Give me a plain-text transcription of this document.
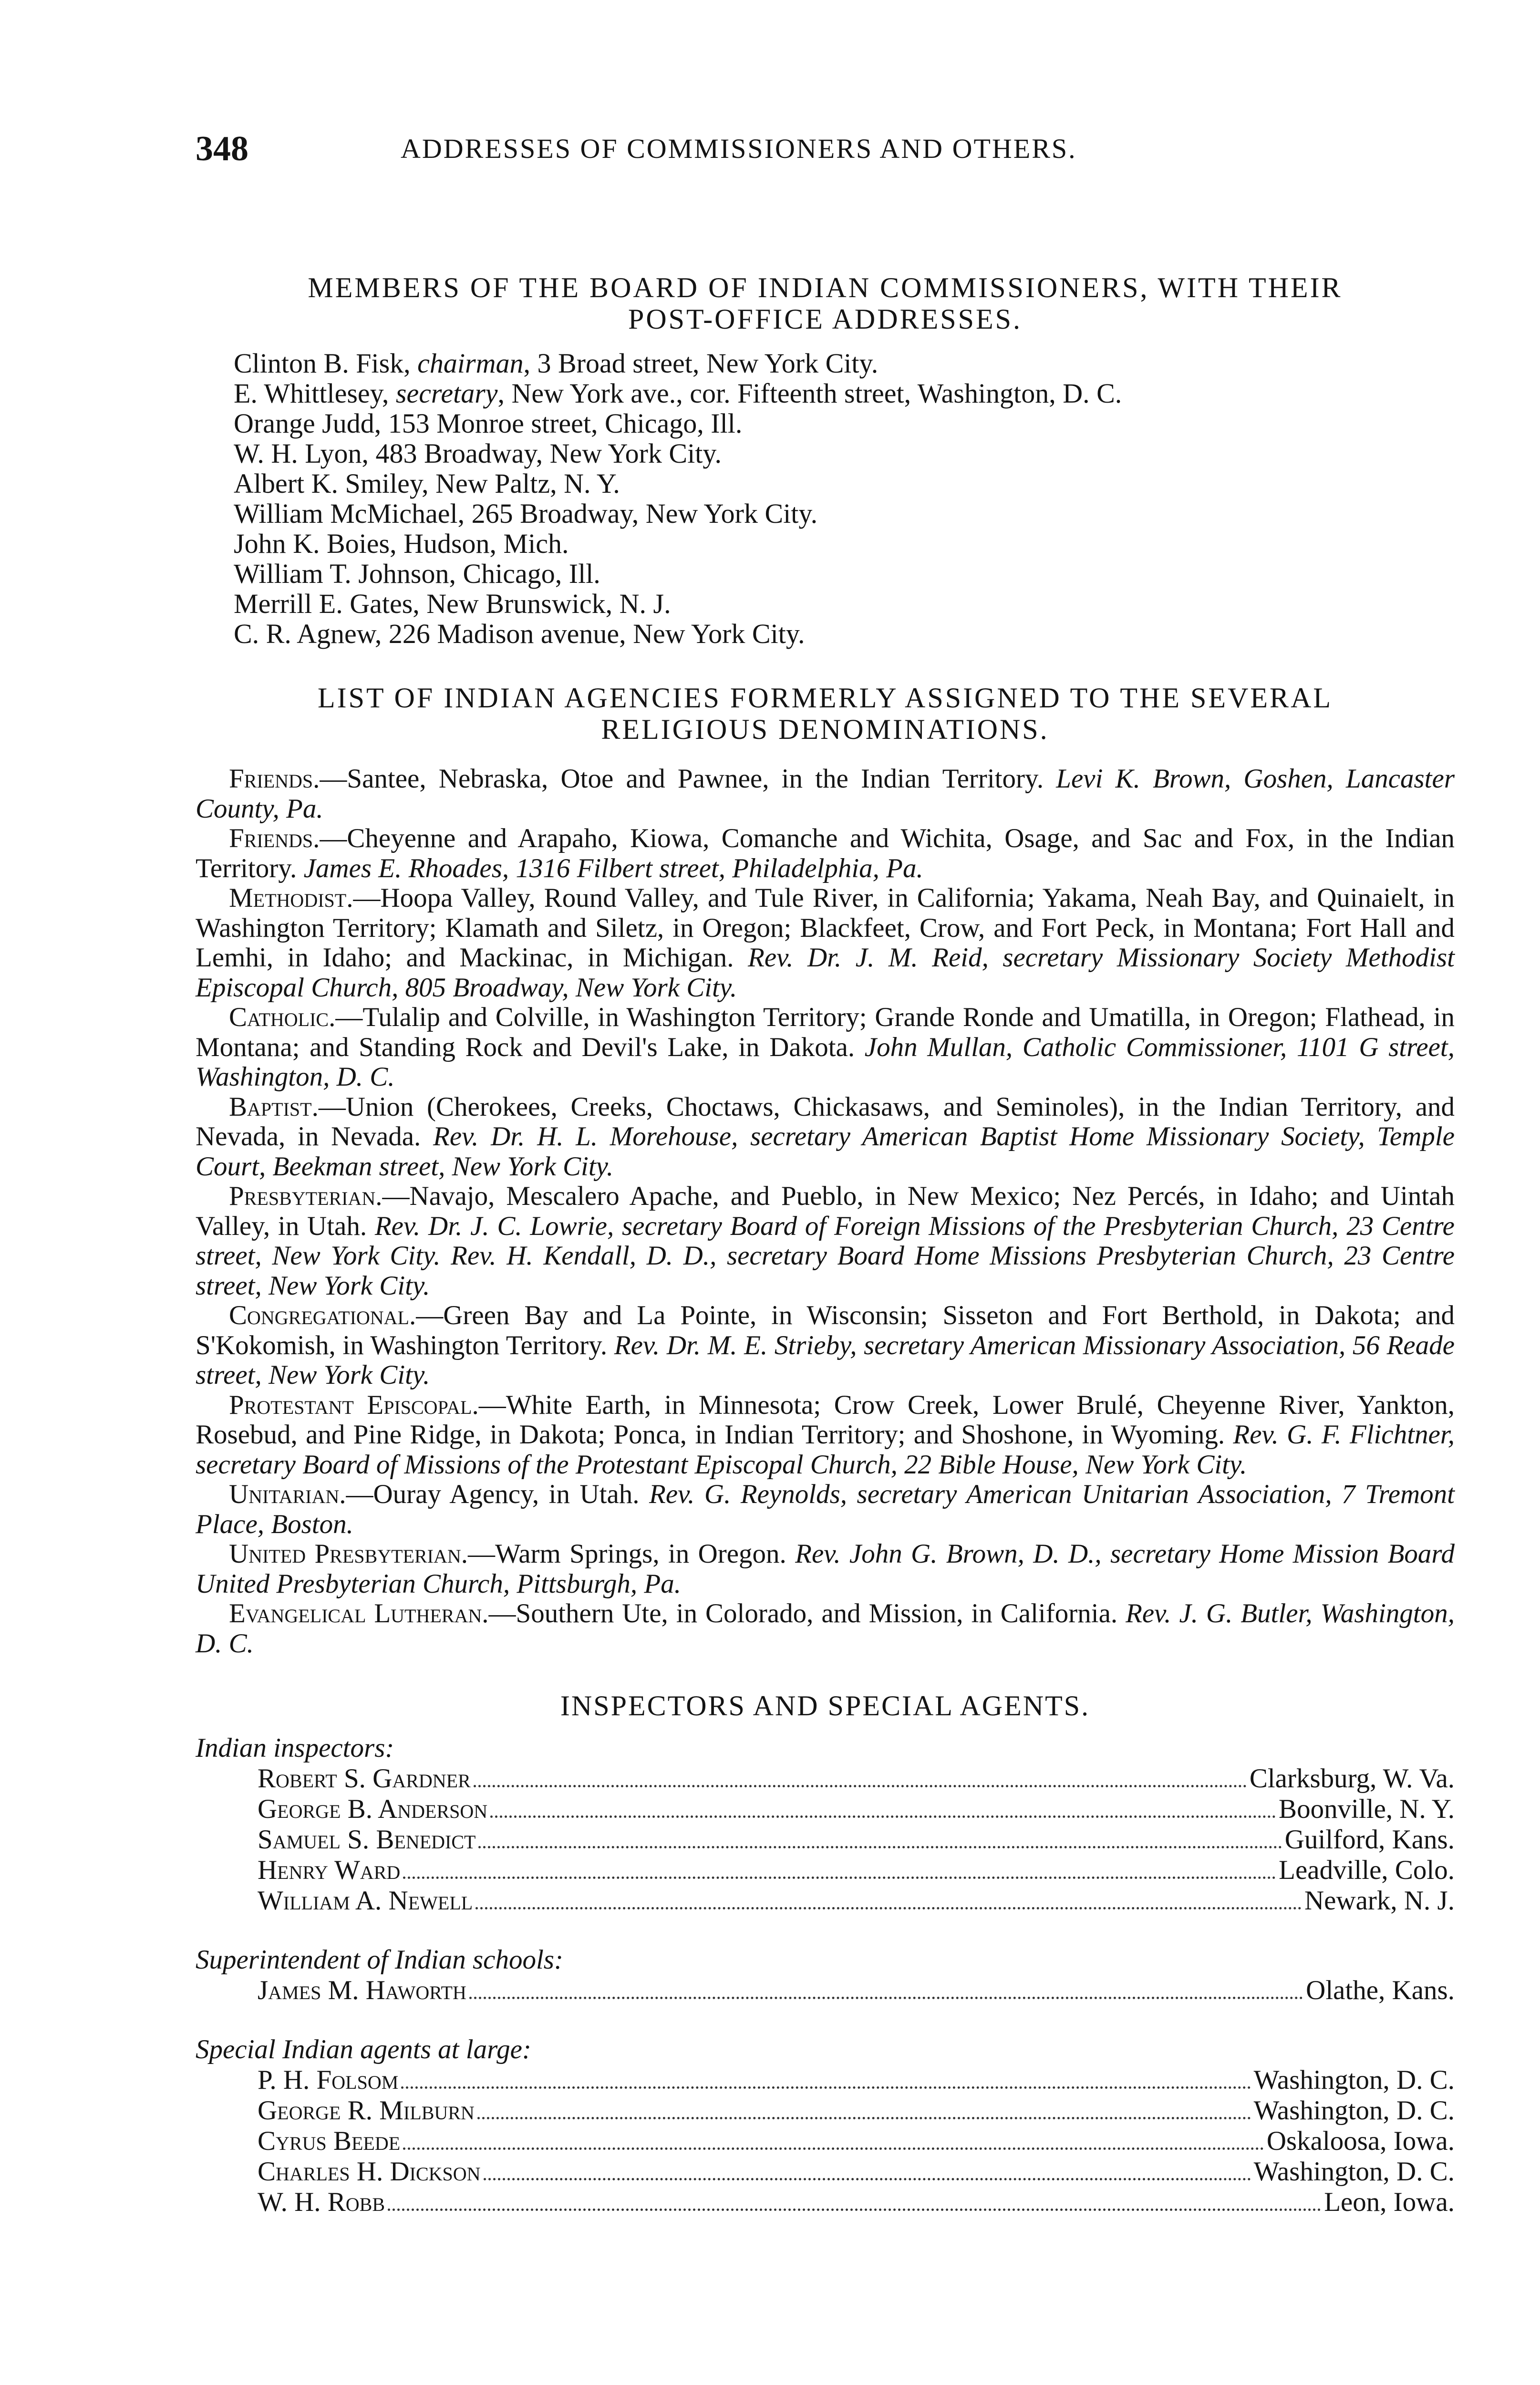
348	ADDRESSES OF COMMISSIONERS AND OTHERS.
MEMBERS OF THE BOARD OF INDIAN COMMISSIONERS, WITH THEIR
POST-OFFICE ADDRESSES.
Clinton B. Fisk, chairman, 3 Broad street, New York City.
E. Whittlesey, secretary, New York ave., cor. Fifteenth street, Washington, D. C.
Orange Judd, 153 Monroe street, Chicago, Ill.
W. H. Lyon, 483 Broadway, New York City.
Albert K. Smiley, New Paltz, N. Y.
William McMichael, 265 Broadway, New York City.
John K. Boies, Hudson, Mich.
William T. Johnson, Chicago, Ill.
Merrill E. Gates, New Brunswick, N. J.
C. R. Agnew, 226 Madison avenue, New York City.
LIST OF INDIAN AGENCIES FORMERLY ASSIGNED TO THE SEVERAL
RELIGIOUS DENOMINATIONS.

Friends.—Santee, Nebraska, Otoe and Pawnee, in the Indian Territory. Levi K. Brown, Goshen, Lancaster County, Pa.

Friends.—Cheyenne and Arapaho, Kiowa, Comanche and Wichita, Osage, and Sac and Fox, in the Indian Territory. James E. Rhoades, 1316 Filbert street, Philadelphia, Pa.

Methodist.—Hoopa Valley, Round Valley, and Tule River, in California; Yakama, Neah Bay, and Quinaielt, in Washington Territory; Klamath and Siletz, in Oregon; Blackfeet, Crow, and Fort Peck, in Montana; Fort Hall and Lemhi, in Idaho; and Mackinac, in Michigan. Rev. Dr. J. M. Reid, secretary Missionary Society Methodist Episcopal Church, 805 Broadway, New York City.

Catholic.—Tulalip and Colville, in Washington Territory; Grande Ronde and Umatilla, in Oregon; Flathead, in Montana; and Standing Rock and Devil's Lake, in Dakota. John Mullan, Catholic Commissioner, 1101 G street, Washington, D. C.

Baptist.—Union (Cherokees, Creeks, Choctaws, Chickasaws, and Seminoles), in the Indian Territory, and Nevada, in Nevada. Rev. Dr. H. L. Morehouse, secretary American Baptist Home Missionary Society, Temple Court, Beekman street, New York City.

Presbyterian.—Navajo, Mescalero Apache, and Pueblo, in New Mexico; Nez Percés, in Idaho; and Uintah Valley, in Utah. Rev. Dr. J. C. Lowrie, secretary Board of Foreign Missions of the Presbyterian Church, 23 Centre street, New York City. Rev. H. Kendall, D. D., secretary Board Home Missions Presbyterian Church, 23 Centre street, New York City.

Congregational.—Green Bay and La Pointe, in Wisconsin; Sisseton and Fort Berthold, in Dakota; and S'Kokomish, in Washington Territory. Rev. Dr. M. E. Strieby, secretary American Missionary Association, 56 Reade street, New York City.

Protestant Episcopal.—White Earth, in Minnesota; Crow Creek, Lower Brulé, Cheyenne River, Yankton, Rosebud, and Pine Ridge, in Dakota; Ponca, in Indian Territory; and Shoshone, in Wyoming. Rev. G. F. Flichtner, secretary Board of Missions of the Protestant Episcopal Church, 22 Bible House, New York City.

Unitarian.—Ouray Agency, in Utah. Rev. G. Reynolds, secretary American Unitarian Association, 7 Tremont Place, Boston.

United Presbyterian.—Warm Springs, in Oregon. Rev. John G. Brown, D. D., secretary Home Mission Board United Presbyterian Church, Pittsburgh, Pa.

Evangelical Lutheran.—Southern Ute, in Colorado, and Mission, in California. Rev. J. G. Butler, Washington, D. C.

INSPECTORS AND SPECIAL AGENTS.
Indian inspectors:
Robert S. Gardner	Clarksburg, W. Va.
George B. Anderson	Boonville, N. Y.
Samuel S. Benedict	Guilford, Kans.
Henry Ward	Leadville, Colo.
William A. Newell	Newark, N. J.
Superintendent of Indian schools:
James M. Haworth	Olathe, Kans.
Special Indian agents at large:
P. H. Folsom	Washington, D. C.
George R. Milburn	Washington, D. C.
Cyrus Beede	Oskaloosa, Iowa.
Charles H. Dickson	Washington, D. C.
W. H. Robb	Leon, Iowa.
